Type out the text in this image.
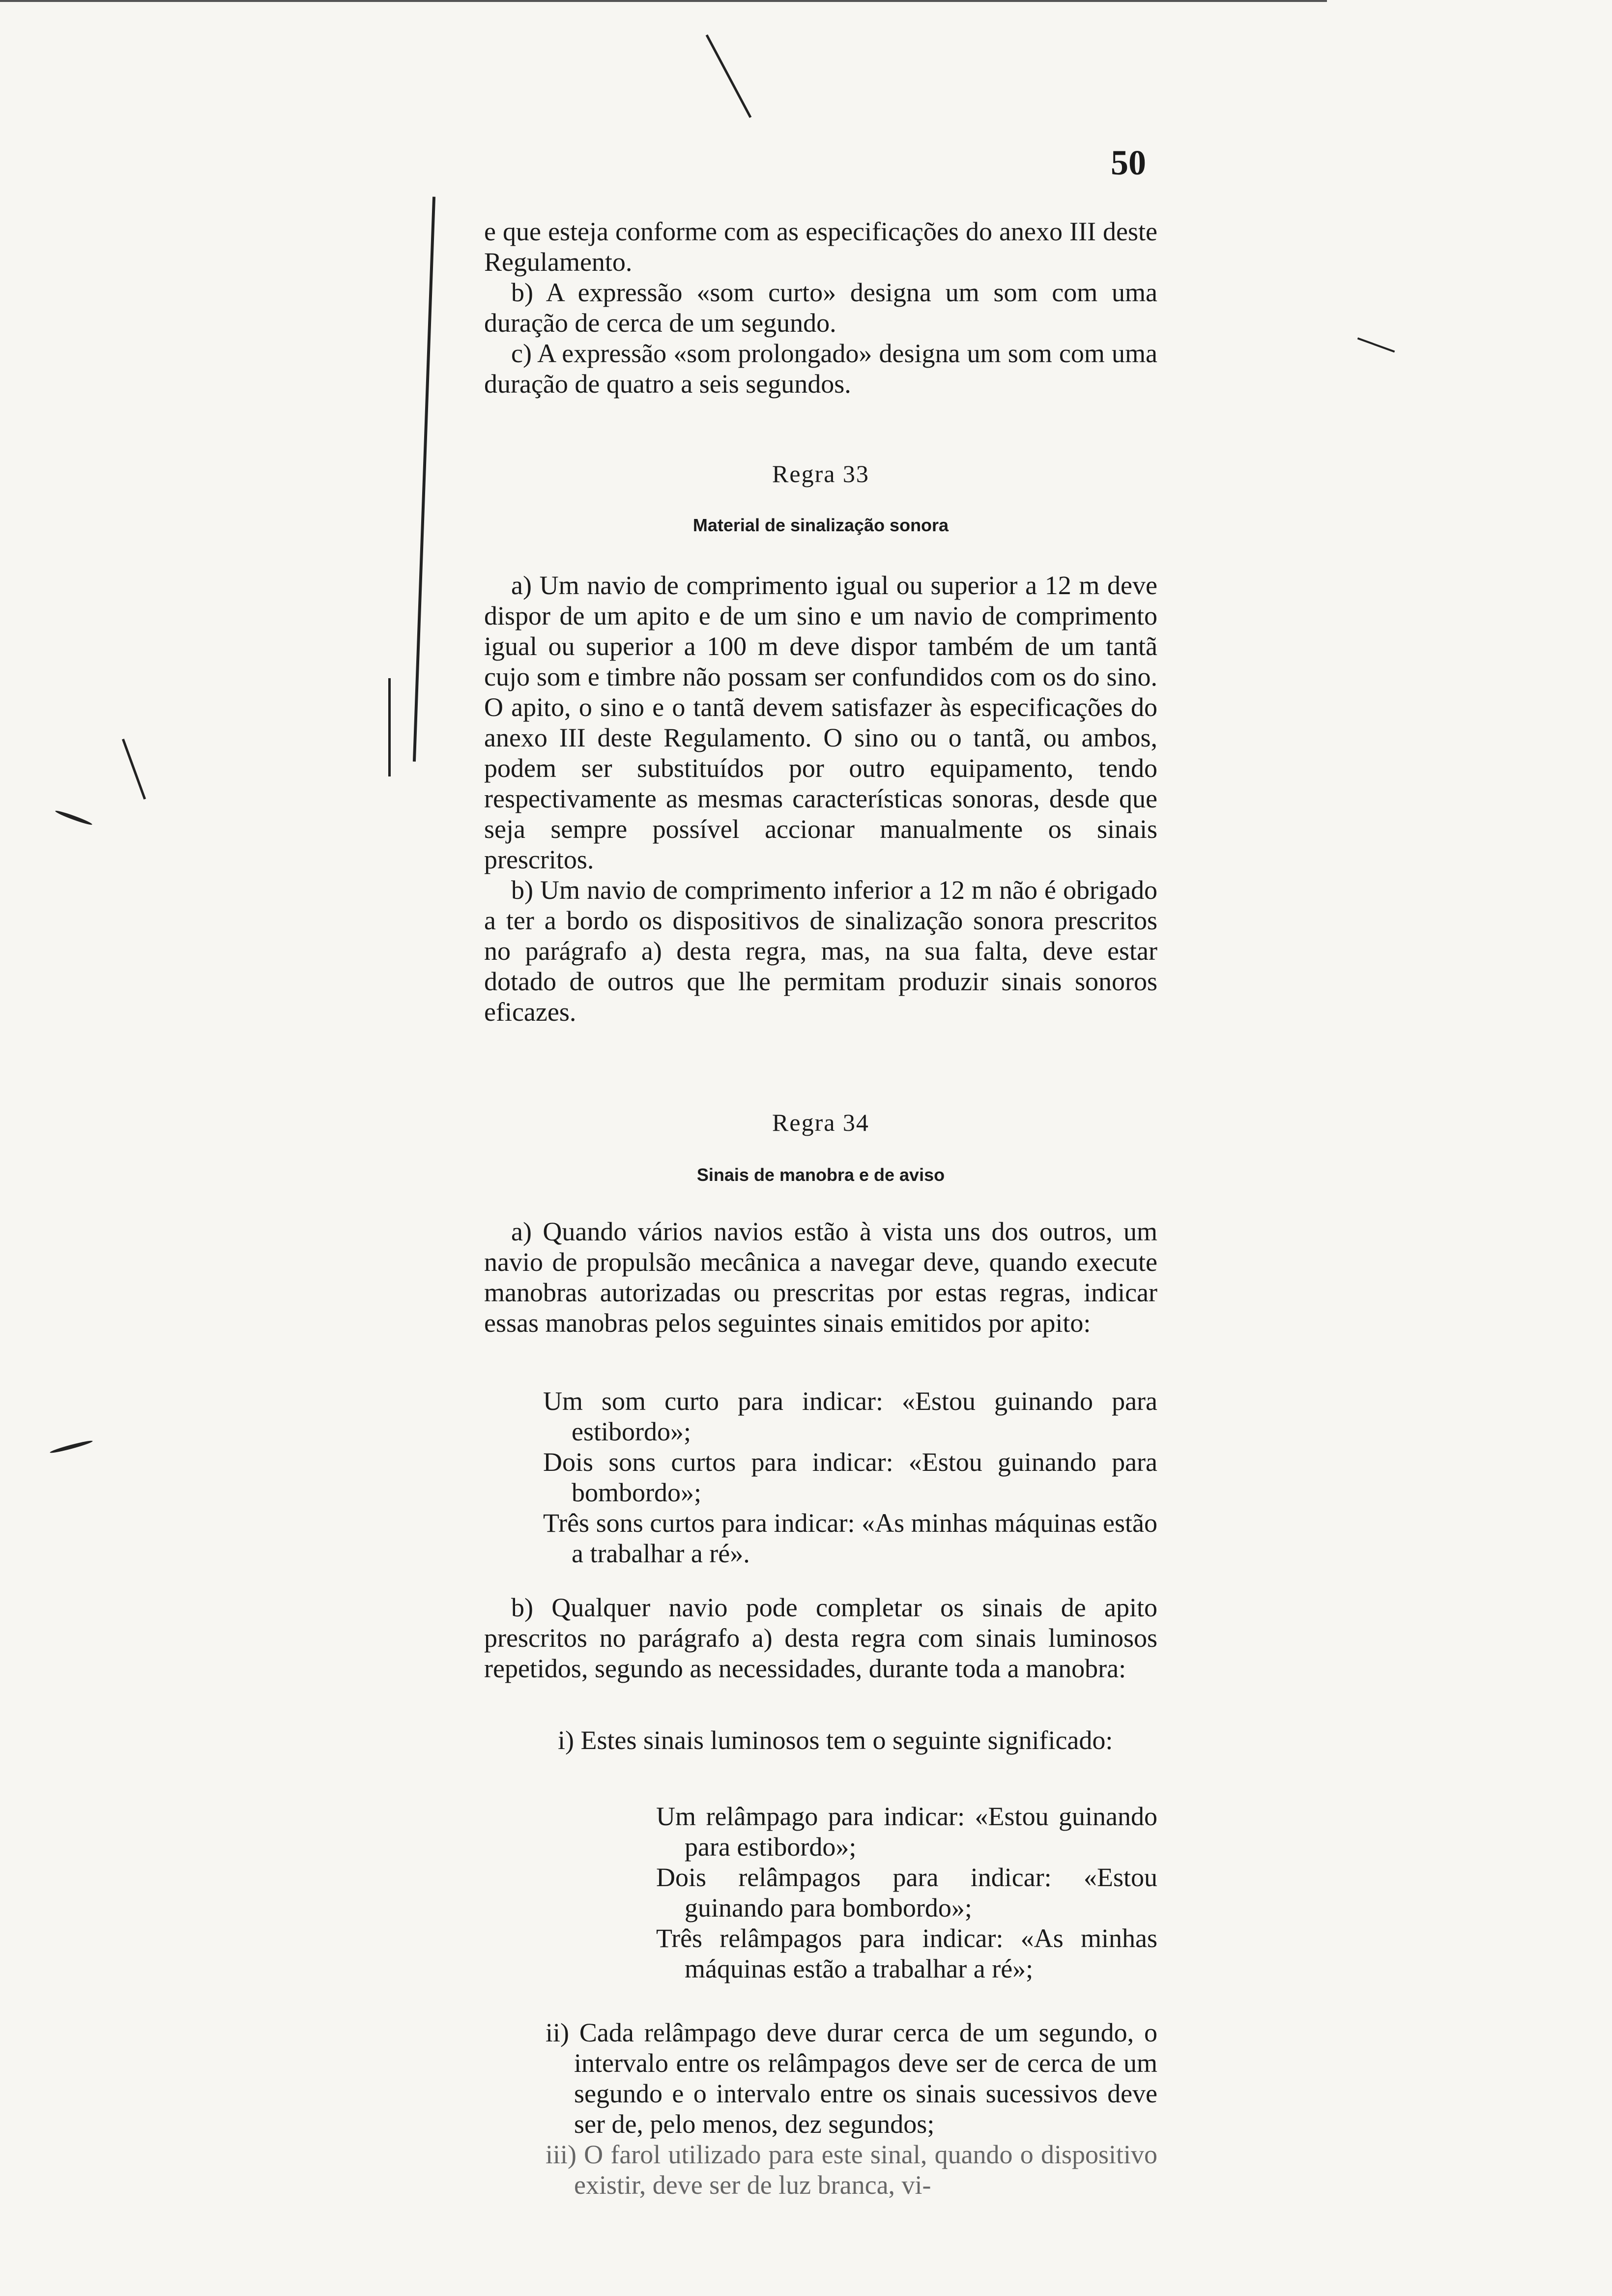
50

e que esteja conforme com as especificações do anexo III deste Regulamento.

b) A expressão «som curto» designa um som com uma duração de cerca de um segundo.

c) A expressão «som prolongado» designa um som com uma duração de quatro a seis segundos.

Regra 33
Material de sinalização sonora

a) Um navio de comprimento igual ou superior a 12 m deve dispor de um apito e de um sino e um navio de comprimento igual ou superior a 100 m deve dispor também de um tantã cujo som e timbre não possam ser confundidos com os do sino. O apito, o sino e o tantã devem satisfazer às especificações do anexo III deste Regulamento. O sino ou o tantã, ou ambos, podem ser substituídos por outro equipamento, tendo respectivamente as mesmas características sonoras, desde que seja sempre possível accionar manualmente os sinais prescritos.

b) Um navio de comprimento inferior a 12 m não é obrigado a ter a bordo os dispositivos de sinalização sonora prescritos no parágrafo a) desta regra, mas, na sua falta, deve estar dotado de outros que lhe permitam produzir sinais sonoros eficazes.

Regra 34
Sinais de manobra e de aviso

a) Quando vários navios estão à vista uns dos outros, um navio de propulsão mecânica a navegar deve, quando execute manobras autorizadas ou prescritas por estas regras, indicar essas manobras pelos seguintes sinais emitidos por apito:

Um som curto para indicar: «Estou guinando para estibordo»;

Dois sons curtos para indicar: «Estou guinando para bombordo»;

Três sons curtos para indicar: «As minhas máquinas estão a trabalhar a ré».

b) Qualquer navio pode completar os sinais de apito prescritos no parágrafo a) desta regra com sinais luminosos repetidos, segundo as necessidades, durante toda a manobra:

i) Estes sinais luminosos tem o seguinte significado:

Um relâmpago para indicar: «Estou guinando para estibordo»;

Dois relâmpagos para indicar: «Estou guinando para bombordo»;

Três relâmpagos para indicar: «As minhas máquinas estão a trabalhar a ré»;

ii) Cada relâmpago deve durar cerca de um segundo, o intervalo entre os relâmpagos deve ser de cerca de um segundo e o intervalo entre os sinais sucessivos deve ser de, pelo menos, dez segundos;

iii) O farol utilizado para este sinal, quando o dispositivo existir, deve ser de luz branca, vi-
